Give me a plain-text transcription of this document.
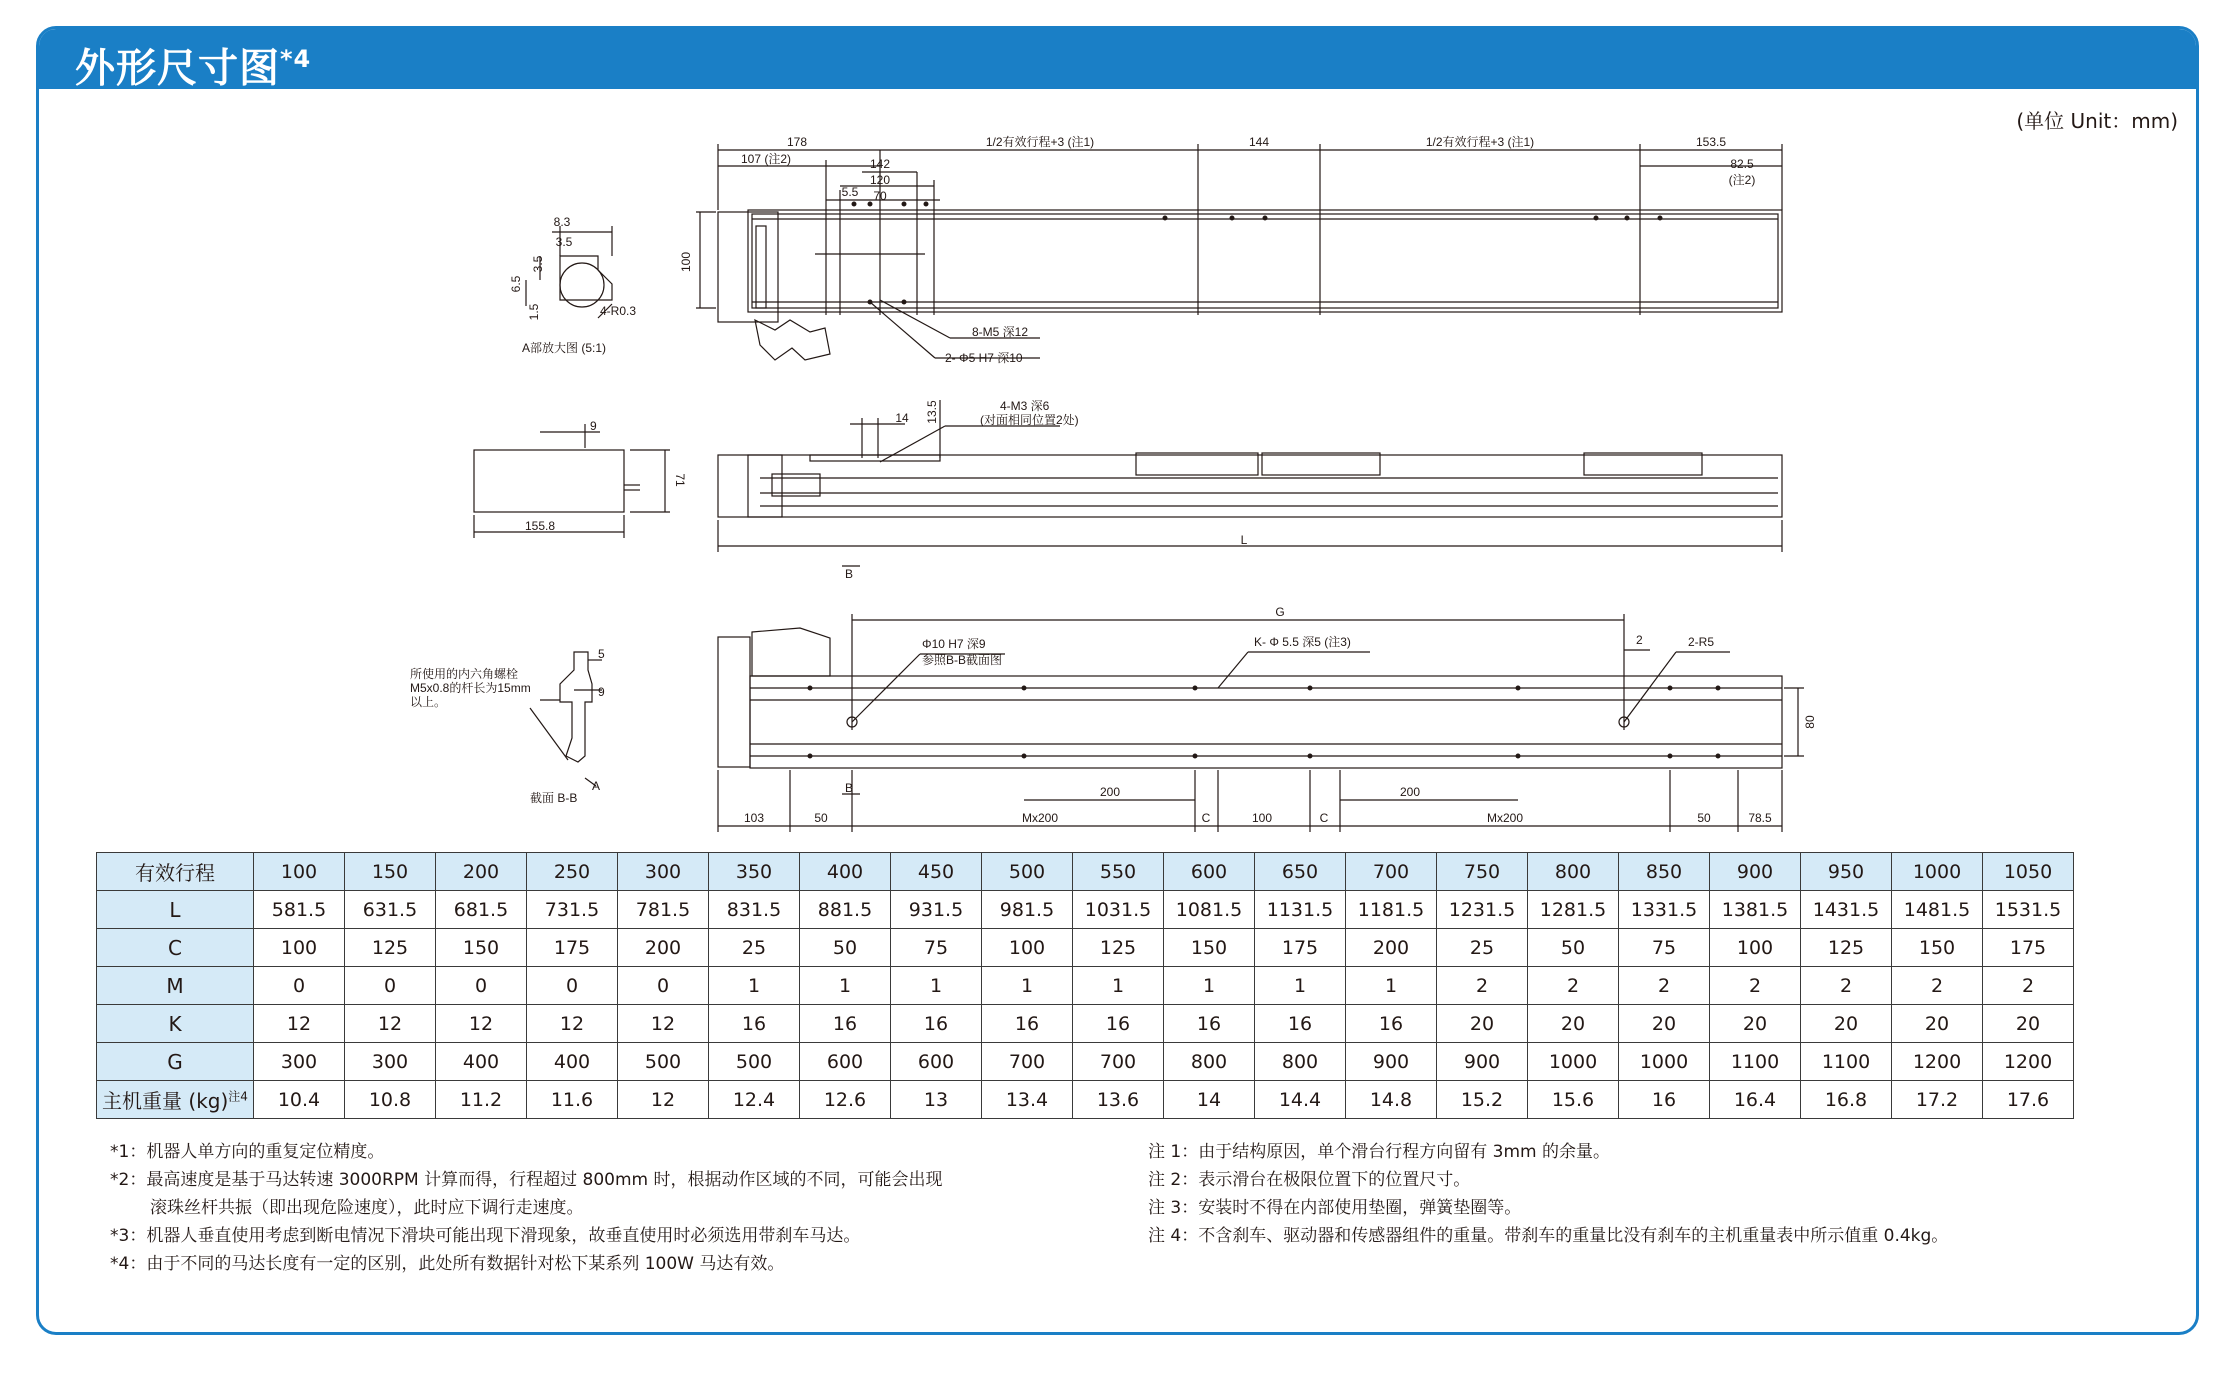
外形尺寸图$^{*4}$
(单位 Unit：mm)
178
107 (注2)
5.5
142
120
70
1/2有效行程+3 (注1)	144	1/2有效行程+3 (注1)	153.5
82.5
(注2)
100
8-M5 深12
2- Φ5 H7 深10
8.3
3.5
6.5
3.5
1.5	4-R0.3
A部放大图 (5:1)
9
71
155.8
14 13.5	4-M3 深6
(对面相同位置2处)
L
所使用的内六角螺栓
M5x0.8的杆长为15mm
以上。
5
9
截面 B-B
A
B
B
G
Φ10 H7 深9
参照B-B截面图
K- Φ 5.5 深5 (注3)	2	2-R5
80
200	200
103	50	Mx200	C	100	C	Mx200	50	78.5
有效行程	100	150	200	250	300	350	400	450	500	550	600	650	700	750	800	850	900	950	1000	1050
L	581.5	631.5	681.5	731.5	781.5	831.5	881.5	931.5	981.5	1031.5	1081.5	1131.5	1181.5	1231.5	1281.5	1331.5	1381.5	1431.5	1481.5	1531.5
C	100	125	150	175	200	25	50	75	100	125	150	175	200	25	50	75	100	125	150	175
M	0	0	0	0	0	1	1	1	1	1	1	1	1	2	2	2	2	2	2	2
K	12	12	12	12	12	16	16	16	16	16	16	16	16	20	20	20	20	20	20	20
G	300	300	400	400	500	500	600	600	700	700	800	800	900	900	1000	1000	1100	1100	1200	1200
主机重量 (kg)$^{注4}$	10.4	10.8	11.2	11.6	12	12.4	12.6	13	13.4	13.6	14	14.4	14.8	15.2	15.6	16	16.4	16.8	17.2	17.6
*1：机器人单方向的重复定位精度。
*2：最高速度是基于马达转速 3000RPM 计算而得，行程超过 800mm 时，根据动作区域的不同，可能会出现
滚珠丝杆共振（即出现危险速度），此时应下调行走速度。
*3：机器人垂直使用考虑到断电情况下滑块可能出现下滑现象，故垂直使用时必须选用带刹车马达。
*4：由于不同的马达长度有一定的区别，此处所有数据针对松下某系列 100W 马达有效。
注 1：由于结构原因，单个滑台行程方向留有 3mm 的余量。
注 2：表示滑台在极限位置下的位置尺寸。
注 3：安装时不得在内部使用垫圈，弹簧垫圈等。
注 4：不含刹车、驱动器和传感器组件的重量。带刹车的重量比没有刹车的主机重量表中所示值重 0.4kg。
